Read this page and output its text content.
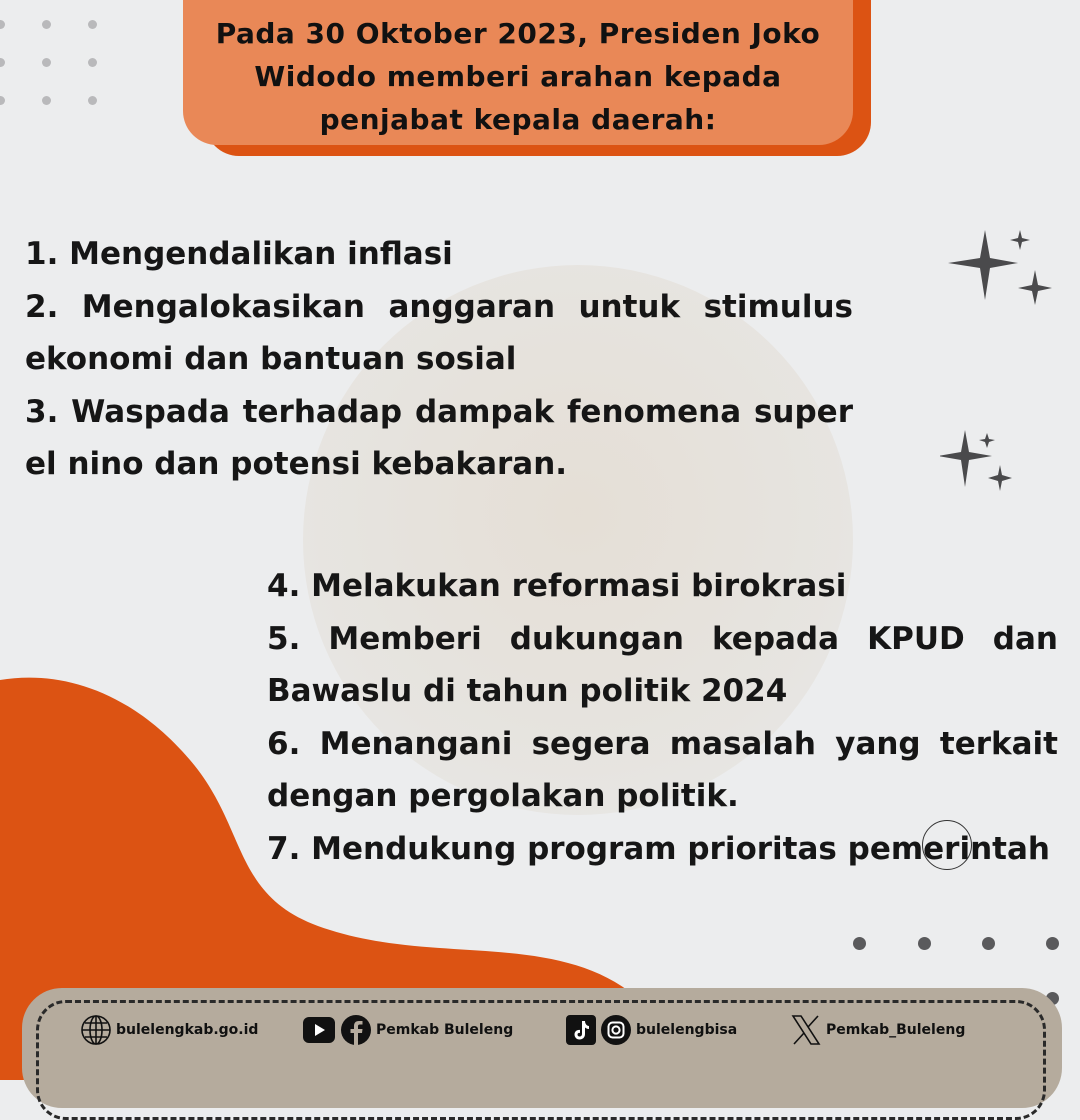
Pada 30 Oktober 2023, Presiden Joko Widodo memberi arahan kepada penjabat kepala daerah:

1. Mengendalikan inflasi

2. Mengalokasikan anggaran untuk stimulus ekonomi dan bantuan sosial

3. Waspada terhadap dampak fenomena super el nino dan potensi kebakaran.

4. Melakukan reformasi birokrasi

5. Memberi dukungan kepada KPUD dan Bawaslu di tahun politik 2024

6. Menangani segera masalah yang terkait dengan pergolakan politik.

7. Mendukung program prioritas pemerintah

bulelengkab.go.id	Pemkab Buleleng	bulelengbisa	Pemkab_Buleleng
